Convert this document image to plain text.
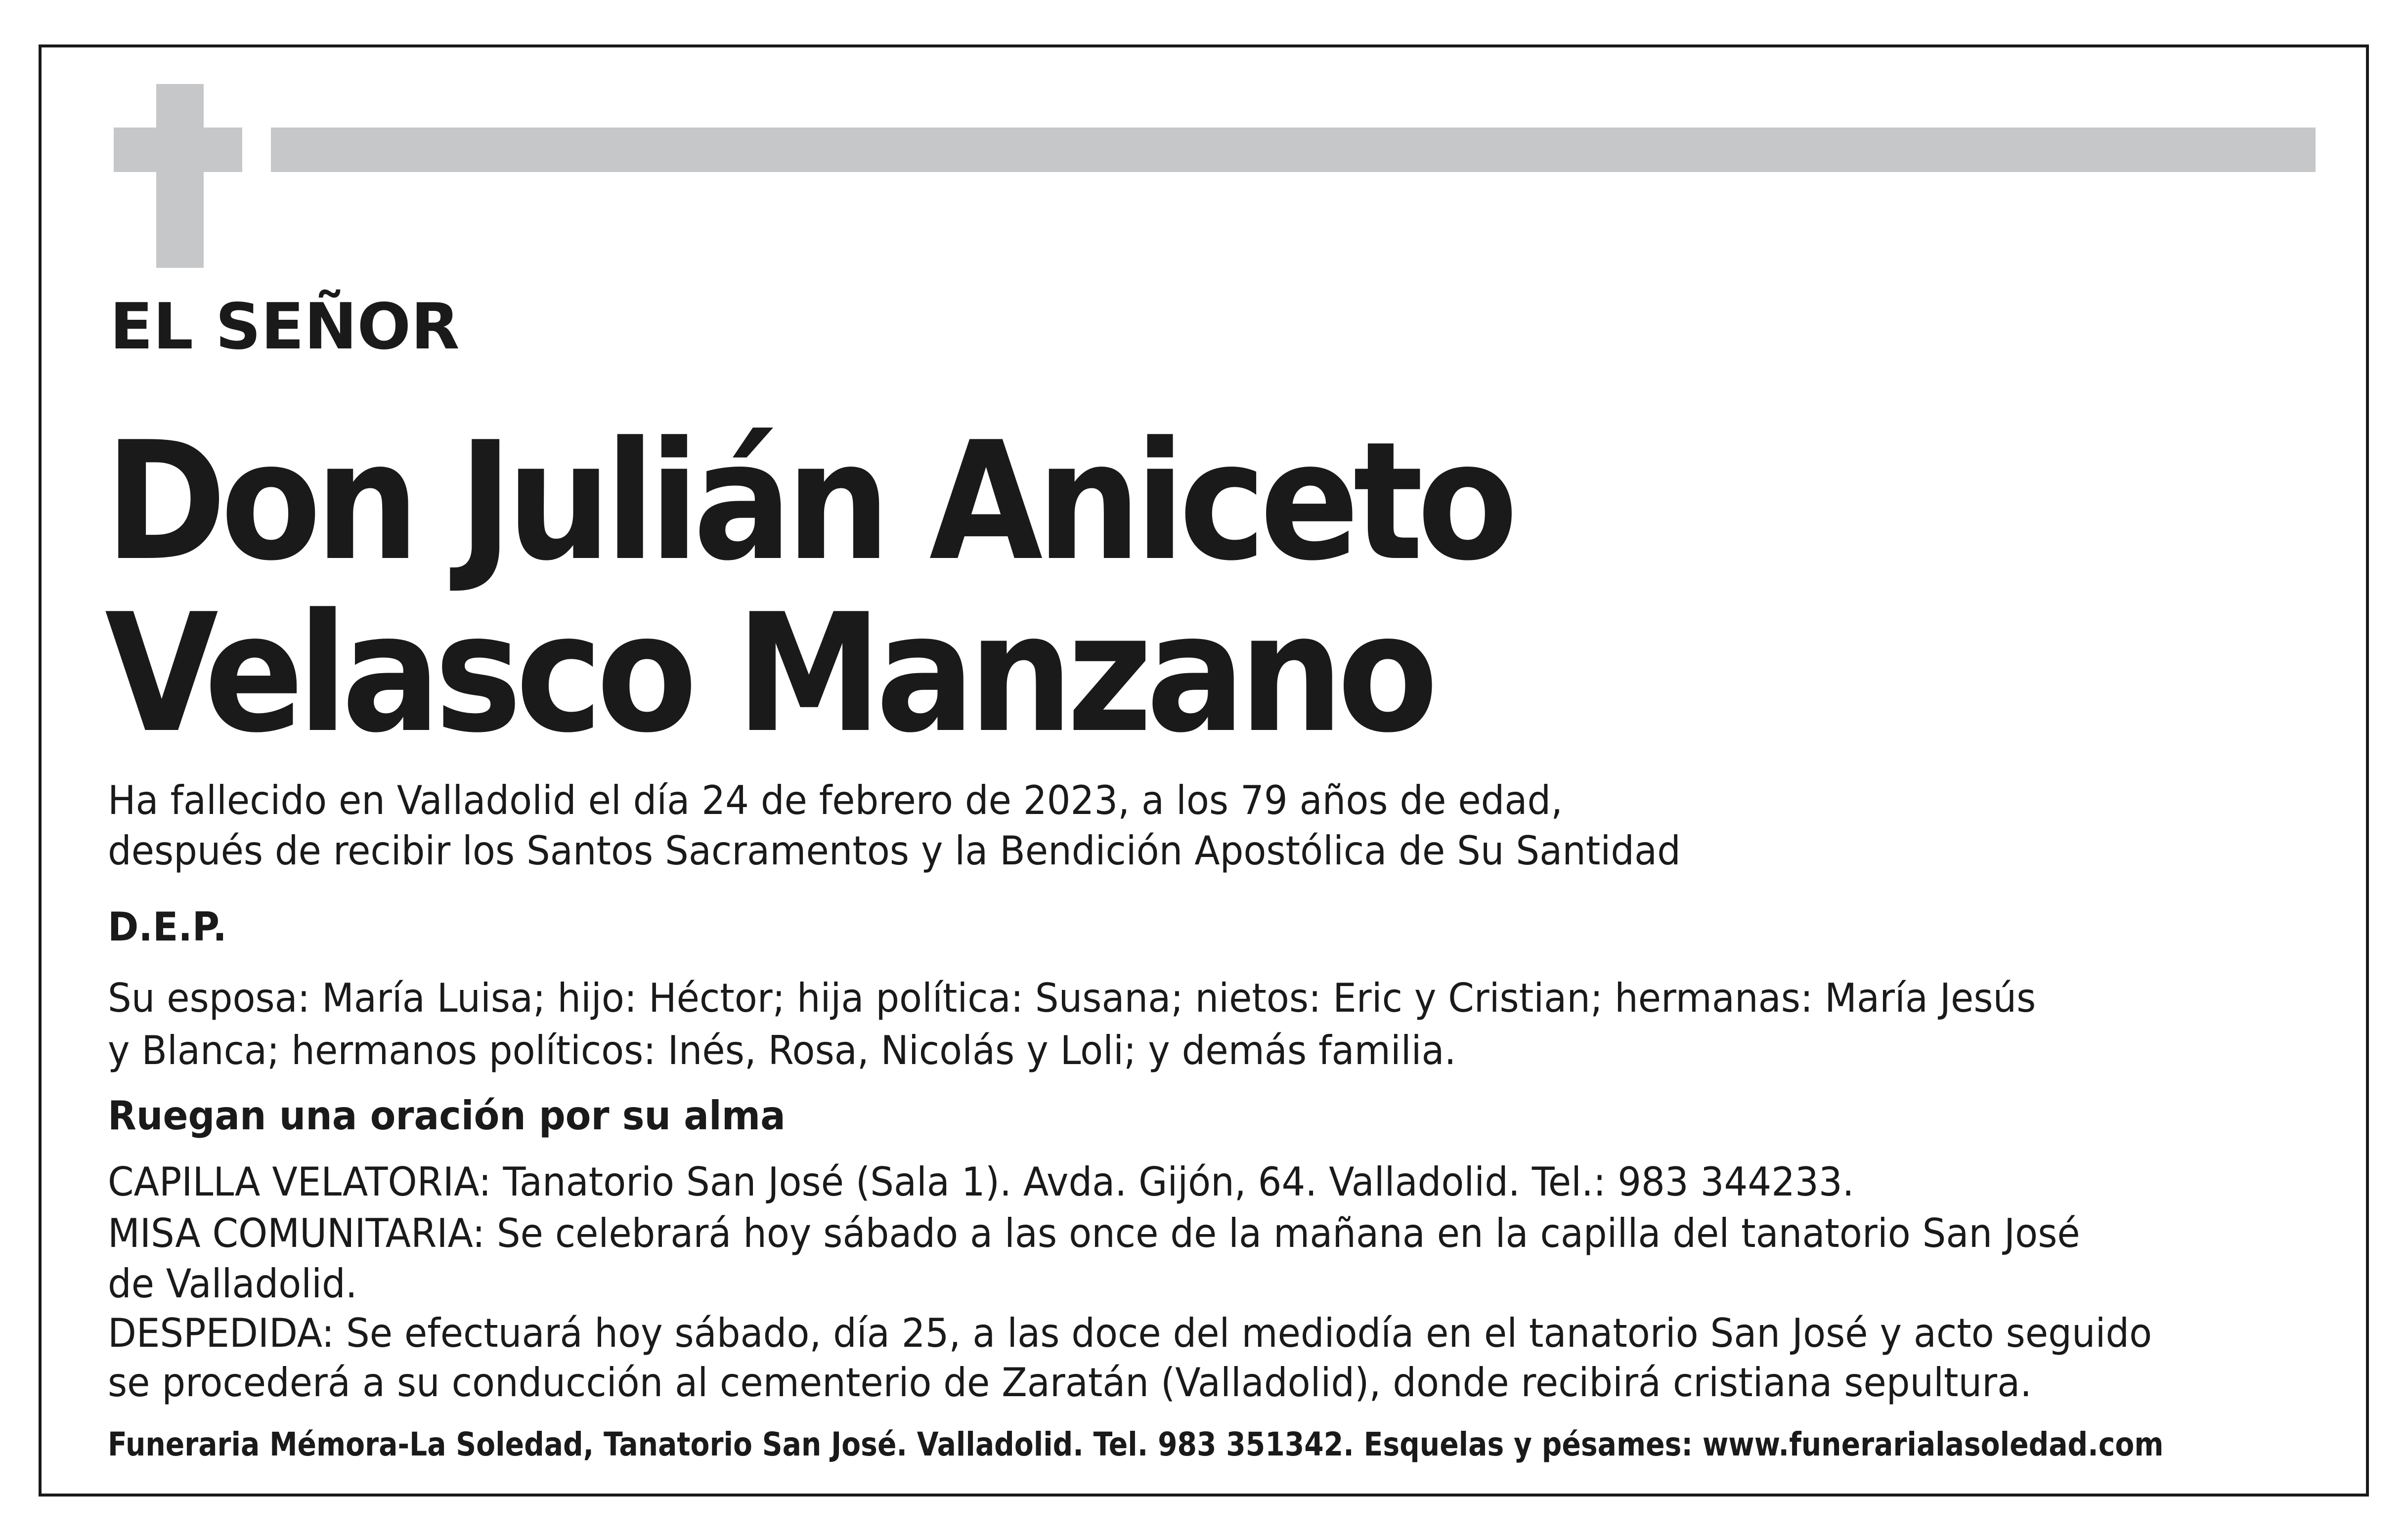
EL SEÑOR
Don Julián Aniceto
Velasco Manzano
Ha fallecido en Valladolid el día 24 de febrero de 2023, a los 79 años de edad,
después de recibir los Santos Sacramentos y la Bendición Apostólica de Su Santidad
D.E.P.
Su esposa: María Luisa; hijo: Héctor; hija política: Susana; nietos: Eric y Cristian; hermanas: María Jesús
y Blanca; hermanos políticos: Inés, Rosa, Nicolás y Loli; y demás familia.
Ruegan una oración por su alma
CAPILLA VELATORIA: Tanatorio San José (Sala 1). Avda. Gijón, 64. Valladolid. Tel.: 983 344233.
MISA COMUNITARIA: Se celebrará hoy sábado a las once de la mañana en la capilla del tanatorio San José
de Valladolid.
DESPEDIDA: Se efectuará hoy sábado, día 25, a las doce del mediodía en el tanatorio San José y acto seguido
se procederá a su conducción al cementerio de Zaratán (Valladolid), donde recibirá cristiana sepultura.
Funeraria Mémora-La Soledad, Tanatorio San José. Valladolid. Tel. 983 351342. Esquelas y pésames: www.funerarialasoledad.com
